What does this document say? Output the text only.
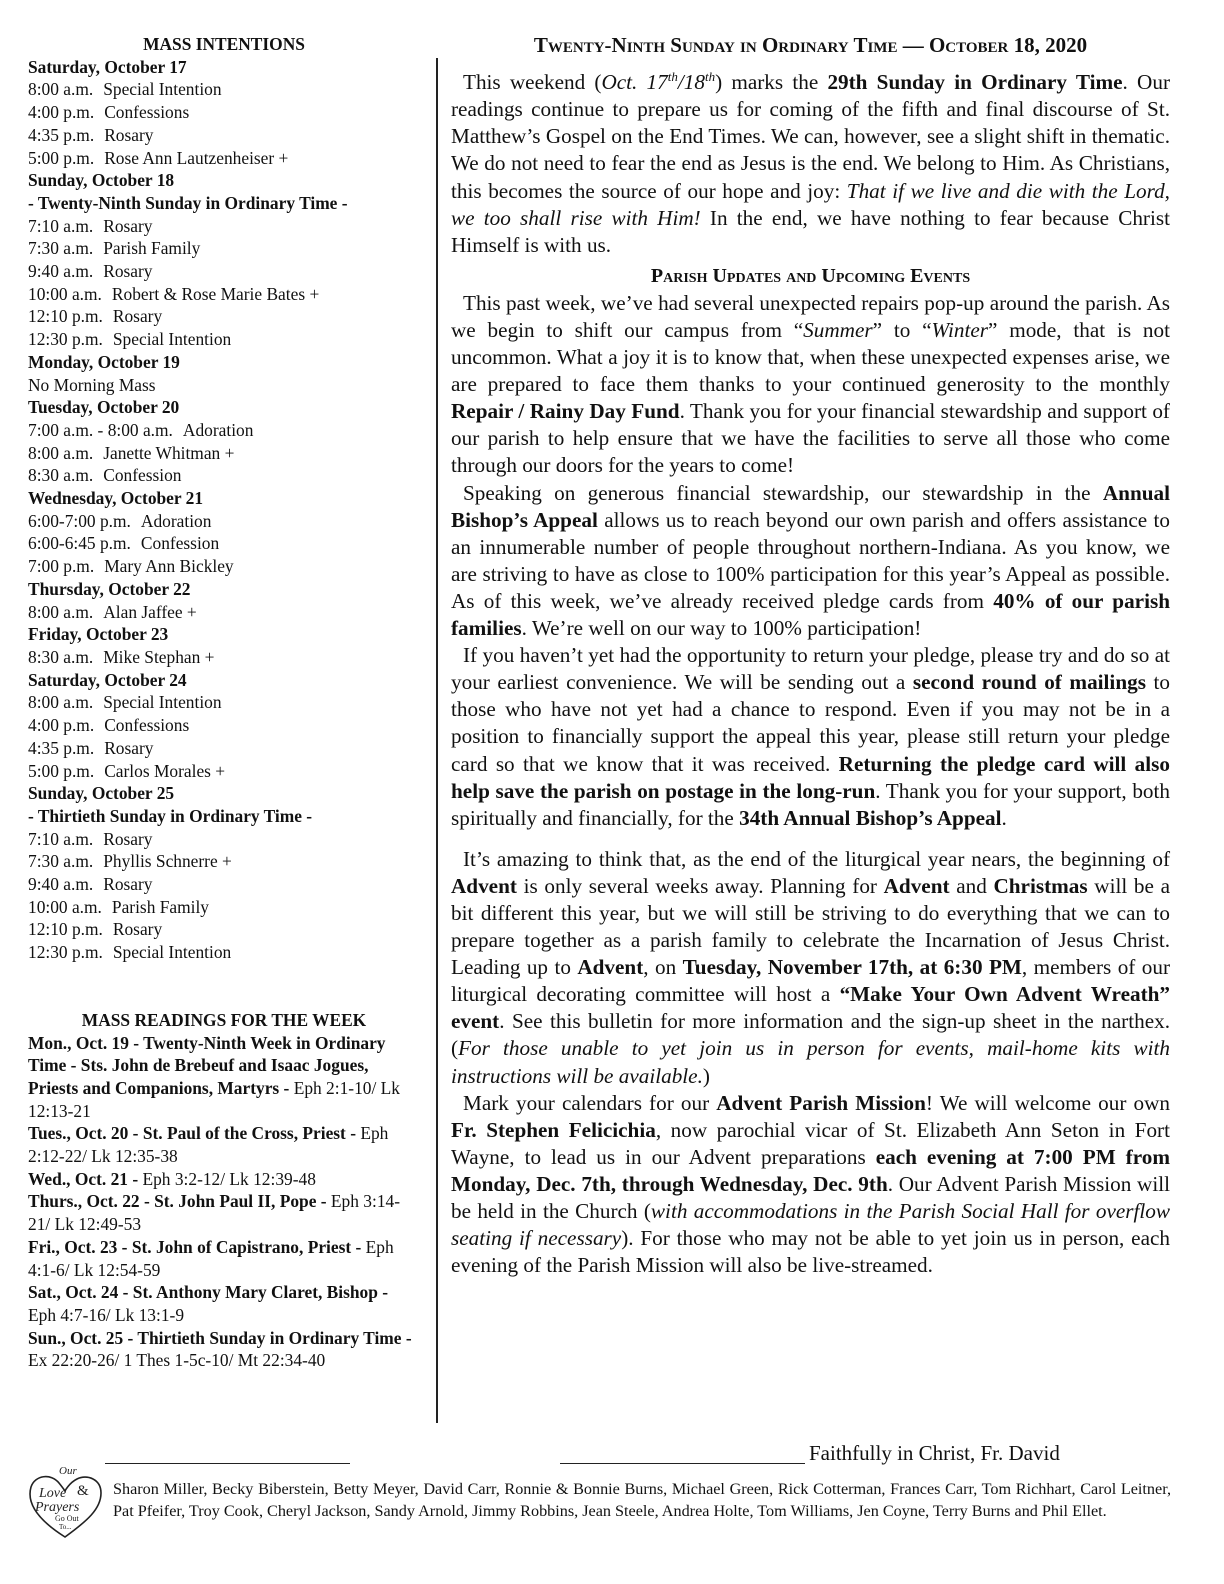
MASS INTENTIONS
Saturday, October 17
8:00 a.m. Special Intention
4:00 p.m. Confessions
4:35 p.m. Rosary
5:00 p.m. Rose Ann Lautzenheiser +
Sunday, October 18
- Twenty-Ninth Sunday in Ordinary Time -
7:10 a.m. Rosary
7:30 a.m. Parish Family
9:40 a.m. Rosary
10:00 a.m. Robert & Rose Marie Bates +
12:10 p.m. Rosary
12:30 p.m. Special Intention
Monday, October 19
No Morning Mass
Tuesday, October 20
7:00 a.m. - 8:00 a.m. Adoration
8:00 a.m. Janette Whitman +
8:30 a.m. Confession
Wednesday, October 21
6:00-7:00 p.m. Adoration
6:00-6:45 p.m. Confession
7:00 p.m. Mary Ann Bickley
Thursday, October 22
8:00 a.m. Alan Jaffee +
Friday, October 23
8:30 a.m. Mike Stephan +
Saturday, October 24
8:00 a.m. Special Intention
4:00 p.m. Confessions
4:35 p.m. Rosary
5:00 p.m. Carlos Morales +
Sunday, October 25
- Thirtieth Sunday in Ordinary Time -
7:10 a.m. Rosary
7:30 a.m. Phyllis Schnerre +
9:40 a.m. Rosary
10:00 a.m. Parish Family
12:10 p.m. Rosary
12:30 p.m. Special Intention
MASS READINGS FOR THE WEEK

Mon., Oct. 19 - Twenty-Ninth Week in Ordinary Time - Sts. John de Brebeuf and Isaac Jogues, Priests and Companions, Martyrs - Eph 2:1-10/ Lk 12:13-21

Tues., Oct. 20 - St. Paul of the Cross, Priest - Eph 2:12-22/ Lk 12:35-38

Wed., Oct. 21 - Eph 3:2-12/ Lk 12:39-48

Thurs., Oct. 22 - St. John Paul II, Pope - Eph 3:14-21/ Lk 12:49-53

Fri., Oct. 23 - St. John of Capistrano, Priest - Eph 4:1-6/ Lk 12:54-59

Sat., Oct. 24 - St. Anthony Mary Claret, Bishop - Eph 4:7-16/ Lk 13:1-9

Sun., Oct. 25 - Thirtieth Sunday in Ordinary Time - Ex 22:20-26/ 1 Thes 1-5c-10/ Mt 22:34-40

Twenty-Ninth Sunday in Ordinary Time — October 18, 2020

This weekend (Oct. 17th/18th) marks the 29th Sunday in Ordinary Time. Our readings continue to prepare us for coming of the fifth and final discourse of St. Matthew’s Gospel on the End Times. We can, however, see a slight shift in thematic. We do not need to fear the end as Jesus is the end. We belong to Him. As Christians, this becomes the source of our hope and joy: That if we live and die with the Lord, we too shall rise with Him! In the end, we have nothing to fear because Christ Himself is with us.

Parish Updates and Upcoming Events

This past week, we’ve had several unexpected repairs pop-up around the parish. As we begin to shift our campus from “Summer” to “Winter” mode, that is not uncommon. What a joy it is to know that, when these unexpected expenses arise, we are prepared to face them thanks to your continued generosity to the monthly Repair / Rainy Day Fund. Thank you for your financial stewardship and support of our parish to help ensure that we have the facilities to serve all those who come through our doors for the years to come!

Speaking on generous financial stewardship, our stewardship in the Annual Bishop’s Appeal allows us to reach beyond our own parish and offers assistance to an innumerable number of people throughout northern-Indiana. As you know, we are striving to have as close to 100% participation for this year’s Appeal as possible. As of this week, we’ve already received pledge cards from 40% of our parish families. We’re well on our way to 100% participation!

If you haven’t yet had the opportunity to return your pledge, please try and do so at your earliest convenience. We will be sending out a second round of mailings to those who have not yet had a chance to respond. Even if you may not be in a position to financially support the appeal this year, please still return your pledge card so that we know that it was received. Returning the pledge card will also help save the parish on postage in the long-run. Thank you for your support, both spiritually and financially, for the 34th Annual Bishop’s Appeal.

It’s amazing to think that, as the end of the liturgical year nears, the beginning of Advent is only several weeks away. Planning for Advent and Christmas will be a bit different this year, but we will still be striving to do everything that we can to prepare together as a parish family to celebrate the Incarnation of Jesus Christ. Leading up to Advent, on Tuesday, November 17th, at 6:30 PM, members of our liturgical decorating committee will host a “Make Your Own Advent Wreath” event. See this bulletin for more information and the sign-up sheet in the narthex. (For those unable to yet join us in person for events, mail-home kits with instructions will be available.)

Mark your calendars for our Advent Parish Mission! We will welcome our own Fr. Stephen Felicichia, now parochial vicar of St. Elizabeth Ann Seton in Fort Wayne, to lead us in our Advent preparations each evening at 7:00 PM from Monday, Dec. 7th, through Wednesday, Dec. 9th. Our Advent Parish Mission will be held in the Church (with accommodations in the Parish Social Hall for overflow seating if necessary). For those who may not be able to yet join us in person, each evening of the Parish Mission will also be live-streamed.

Faithfully in Christ, Fr. David
Our
Love &
Prayers
Go Out
To...
Sharon Miller, Becky Biberstein, Betty Meyer, David Carr, Ronnie & Bonnie Burns, Michael Green, Rick Cotterman, Frances Carr, Tom Richhart, Carol Leitner, Pat Pfeifer, Troy Cook, Cheryl Jackson, Sandy Arnold, Jimmy Robbins, Jean Steele, Andrea Holte, Tom Williams, Jen Coyne, Terry Burns and Phil Ellet.
